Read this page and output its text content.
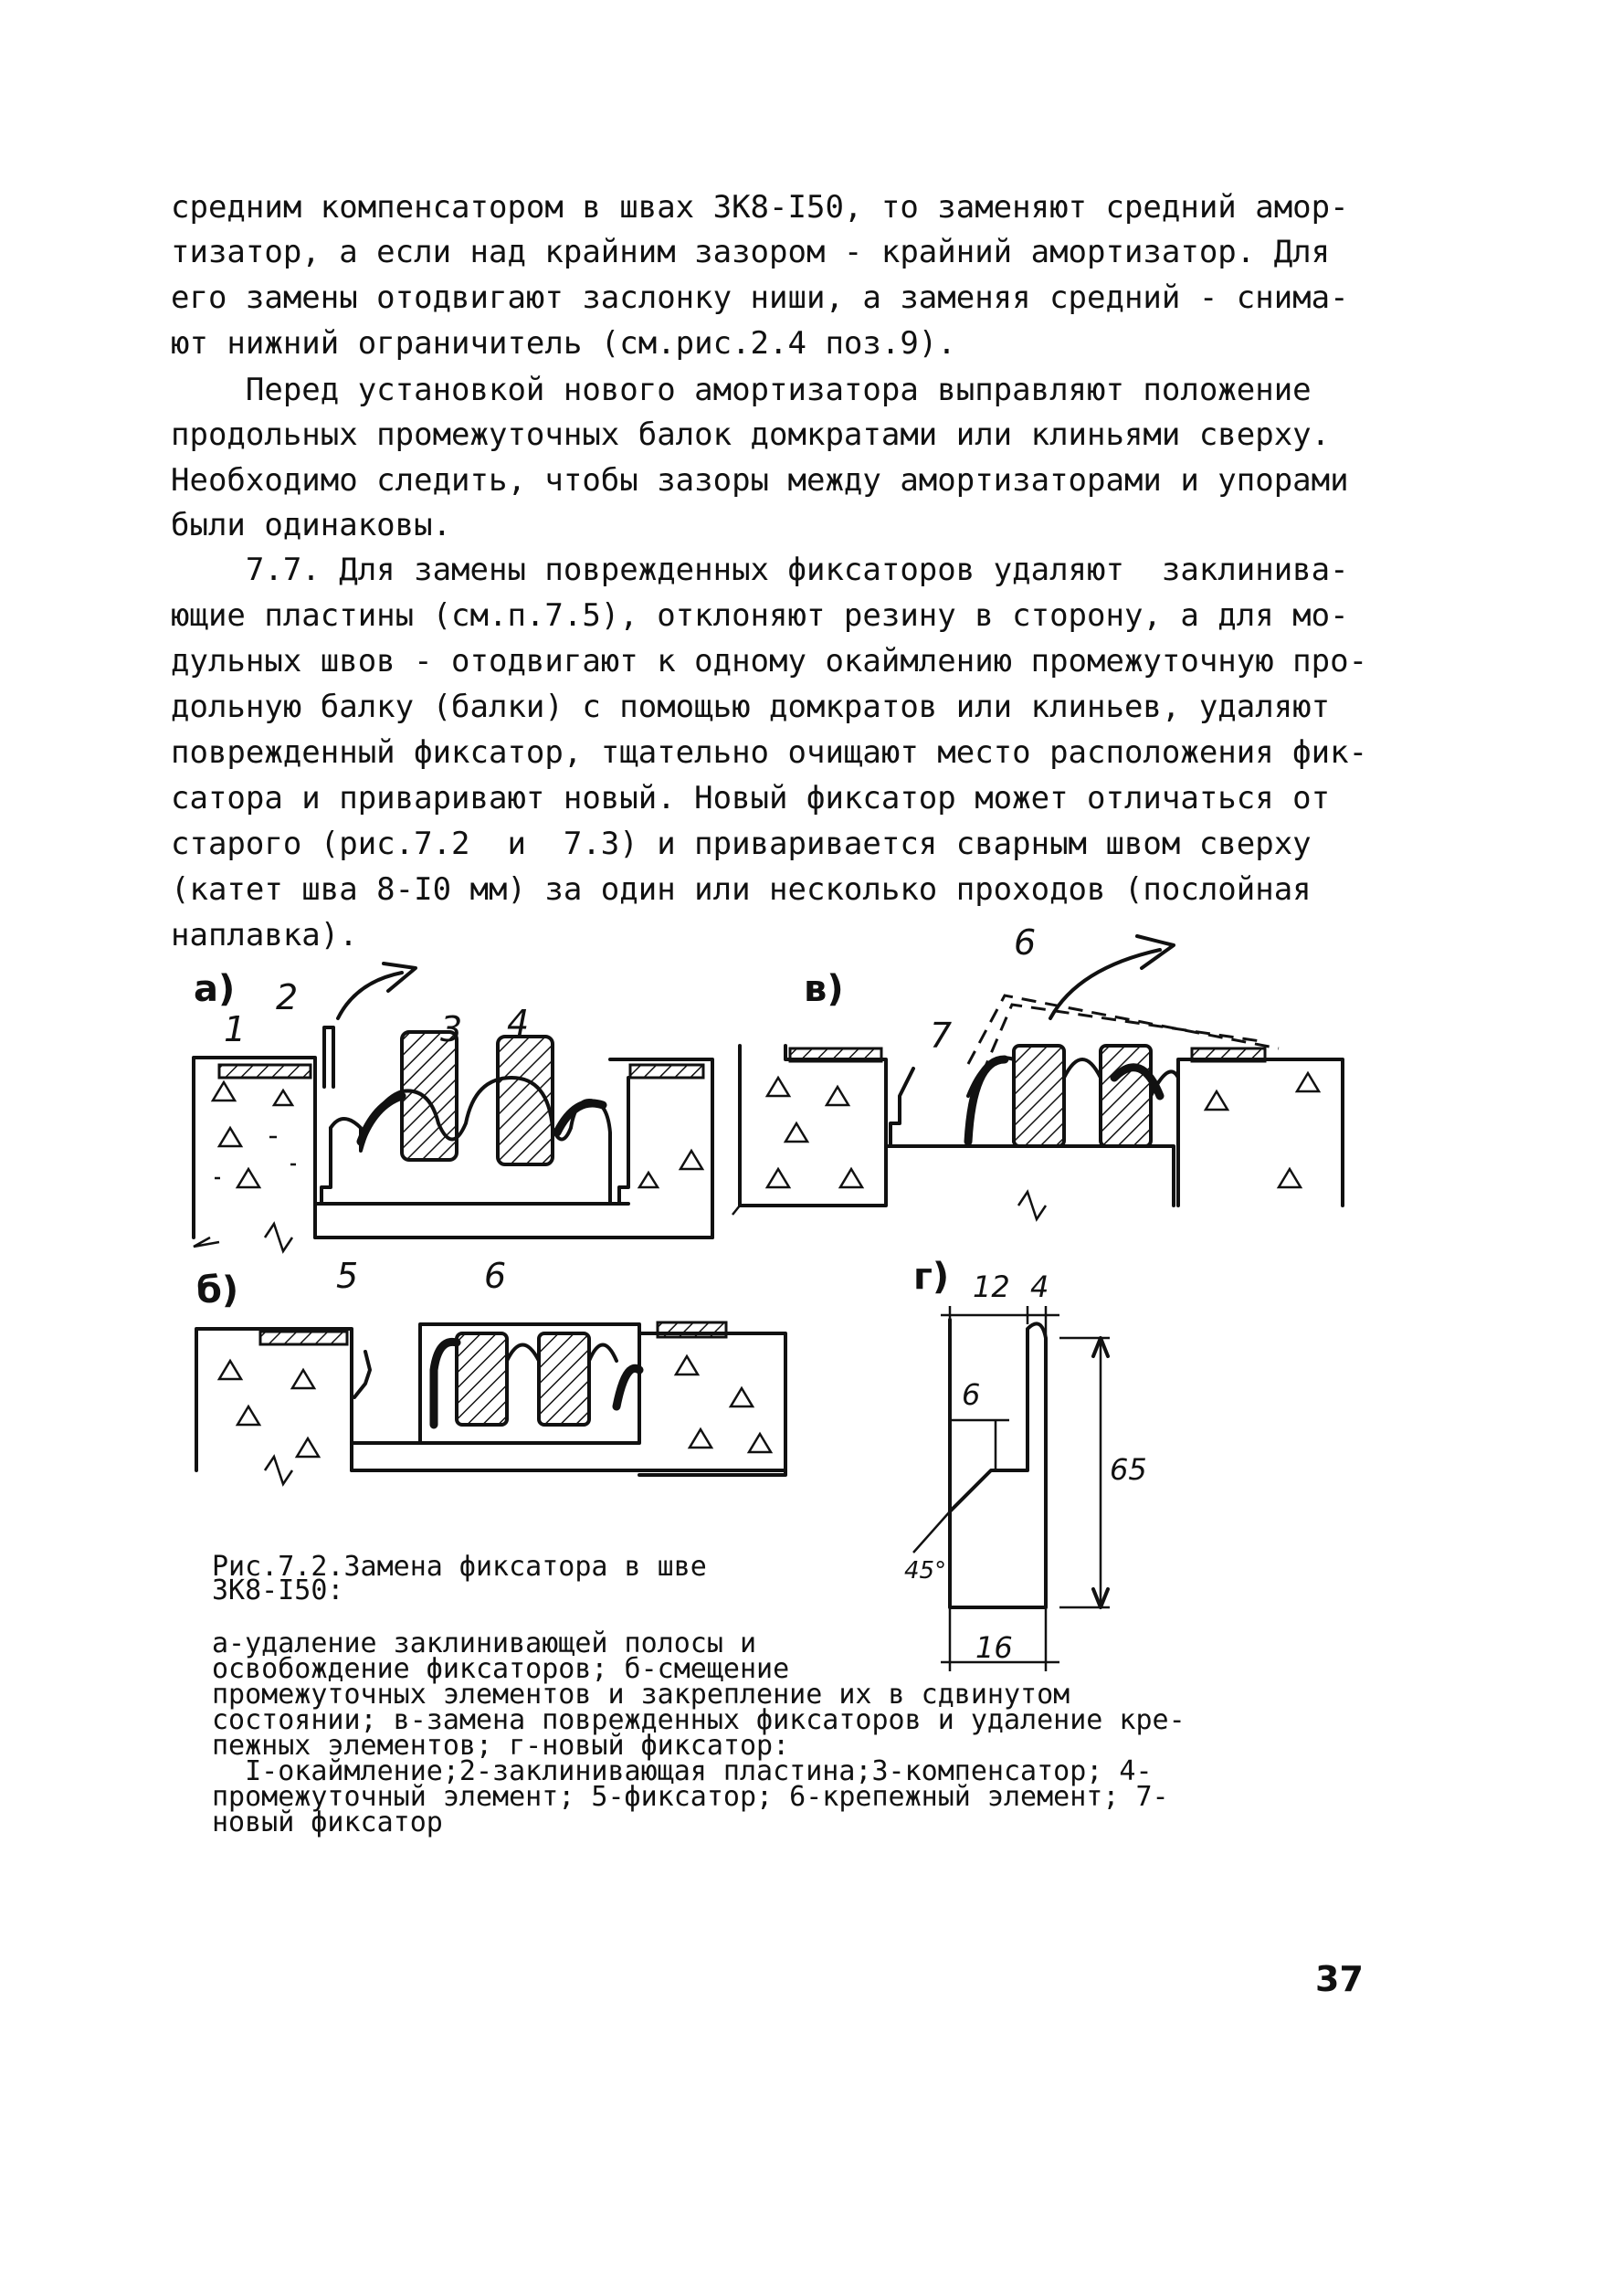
средним компенсатором в швах ЗК8-I50, то заменяют средний амор-

тизатор, а если над крайним зазором - крайний амортизатор. Для

его замены отодвигают заслонку ниши, а заменяя средний - снима-

ют нижний ограничитель (см.рис.2.4 поз.9).

Перед установкой нового амортизатора выправляют положение

продольных промежуточных балок домкратами или клиньями сверху.

Необходимо следить, чтобы зазоры между амортизаторами и упорами

были одинаковы.

7.7. Для замены поврежденных фиксаторов удаляют  заклинива-

ющие пластины (см.п.7.5), отклоняют резину в сторону, а для мо-

дульных швов - отодвигают к одному окаймлению промежуточную про-

дольную балку (балки) с помощью домкратов или клиньев, удаляют

поврежденный фиксатор, тщательно очищают место расположения фик-

сатора и приваривают новый. Новый фиксатор может отличаться от

старого (рис.7.2  и  7.3) и приваривается сварным швом сверху

(катет шва 8-I0 мм) за один или несколько проходов (послойная

наплавка).

а)

б)

в)

г)

1

2

3 4

5	6

6

7

12 4

6

65

16

45°

Рис.7.2.Замена фиксатора в шве

ЗК8-I50:

а-удаление заклинивающей полосы и

освобождение фиксаторов; б-смещение

промежуточных элементов и закрепление их в сдвинутом

состоянии; в-замена поврежденных фиксаторов и удаление кре-

пежных элементов; г-новый фиксатор:

I-окаймление;2-заклинивающая пластина;3-компенсатор; 4-

промежуточный элемент; 5-фиксатор; 6-крепежный элемент; 7-

новый фиксатор

37
